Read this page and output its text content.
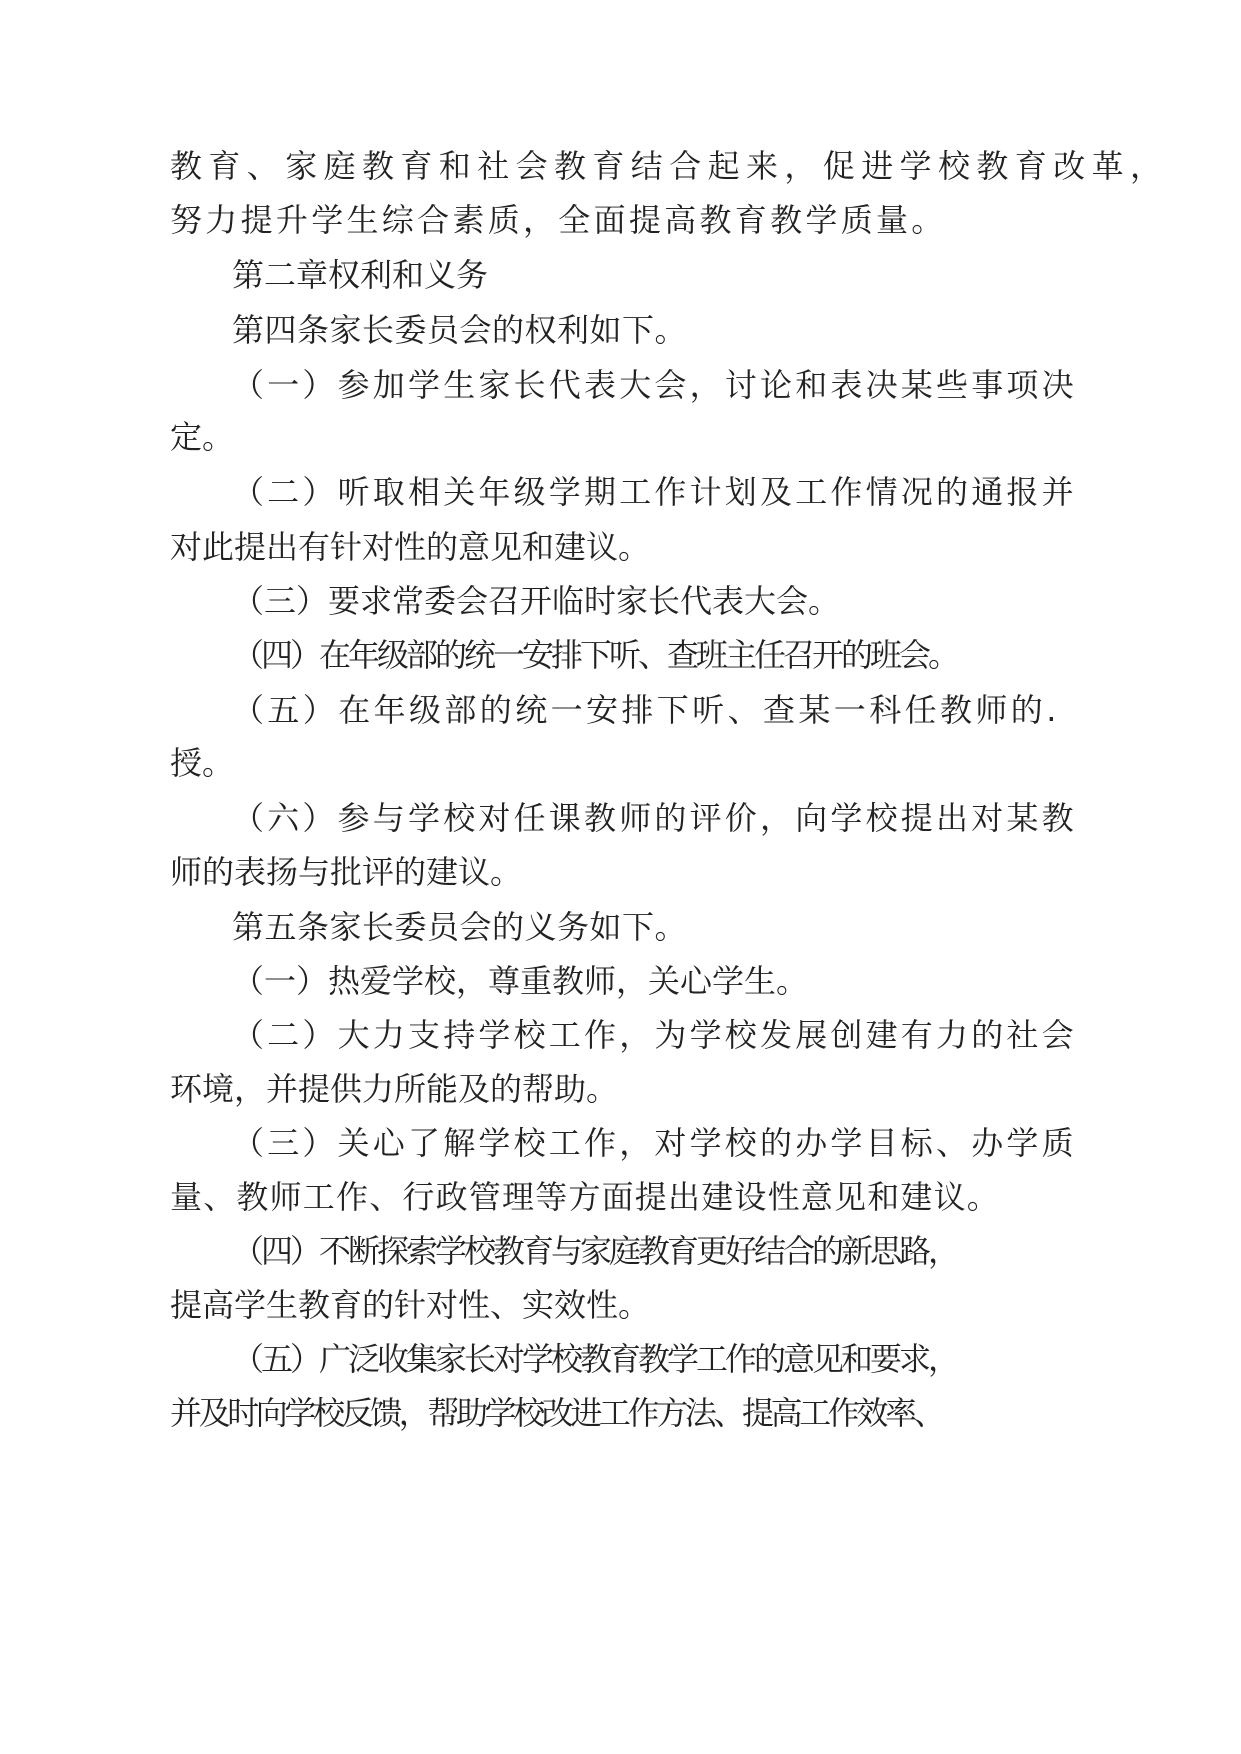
教育、家庭教育和社会教育结合起来，促进学校教育改革，

努力提升学生综合素质，全面提高教育教学质量。

第二章权利和义务

第四条家长委员会的权利如下。

（一）参加学生家长代表大会，讨论和表决某些事项决

定。

（二）听取相关年级学期工作计划及工作情况的通报并

对此提出有针对性的意见和建议。

（三）要求常委会召开临时家长代表大会。

（四）在年级部的统一安排下听、查班主任召开的班会。

（五）在年级部的统一安排下听、查某一科任教师的.

授。

（六）参与学校对任课教师的评价，向学校提出对某教

师的表扬与批评的建议。

第五条家长委员会的义务如下。

（一）热爱学校，尊重教师，关心学生。

（二）大力支持学校工作，为学校发展创建有力的社会

环境，并提供力所能及的帮助。

（三）关心了解学校工作，对学校的办学目标、办学质

量、教师工作、行政管理等方面提出建设性意见和建议。

（四）不断探索学校教育与家庭教育更好结合的新思路，

提高学生教育的针对性、实效性。

（五）广泛收集家长对学校教育教学工作的意见和要求，

并及时向学校反馈，帮助学校改进工作方法、提高工作效率、
